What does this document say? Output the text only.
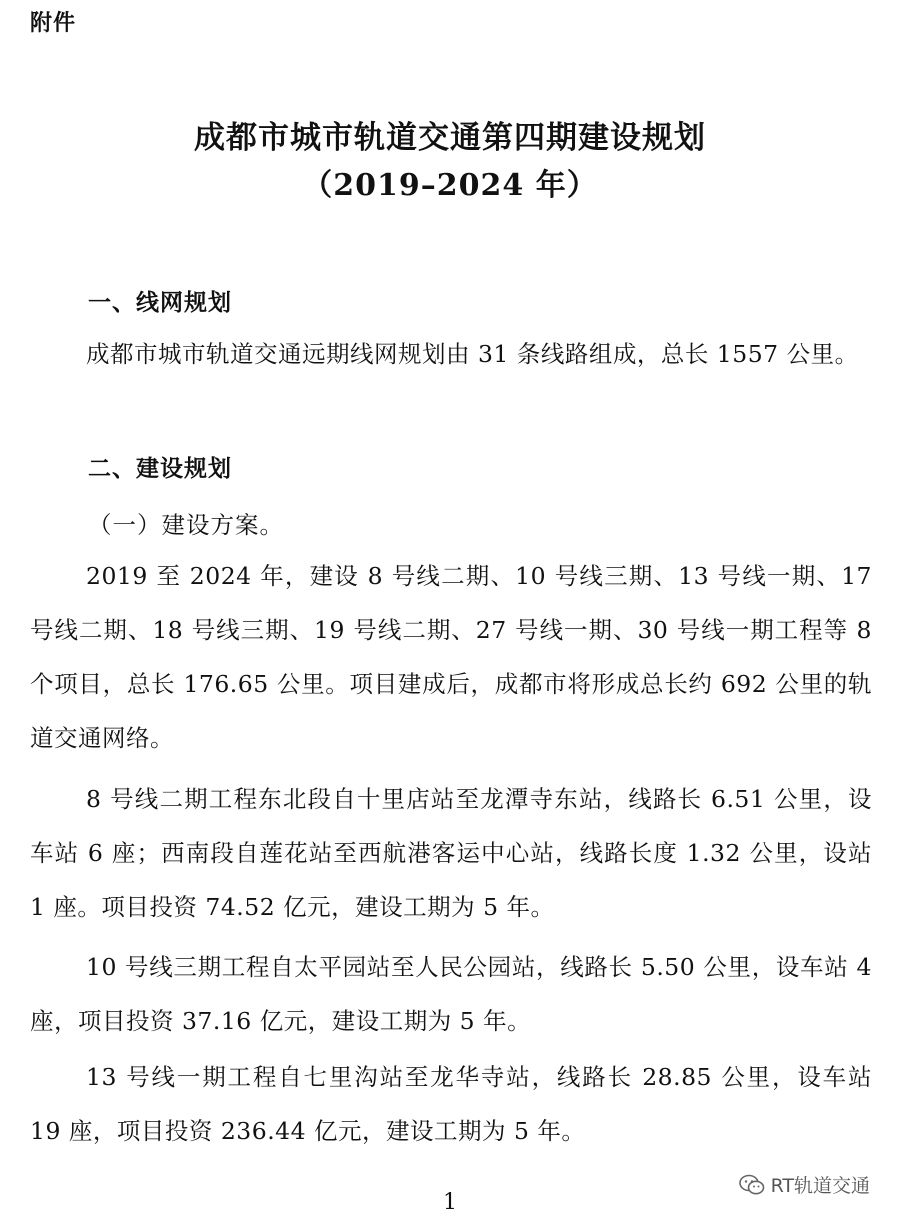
附件
成都市城市轨道交通第四期建设规划
（2019–2024 年）
一、线网规划
成都市城市轨道交通远期线网规划由 31 条线路组成，总长 1557 公里。
二、建设规划
（一）建设方案。
2019 至 2024 年，建设 8 号线二期、10 号线三期、13 号线一期、17 号线二期、18 号线三期、19 号线二期、27 号线一期、30 号线一期工程等 8 个项目，总长 176.65 公里。项目建成后，成都市将形成总长约 692 公里的轨道交通网络。
8 号线二期工程东北段自十里店站至龙潭寺东站，线路长 6.51 公里，设车站 6 座；西南段自莲花站至西航港客运中心站，线路长度 1.32 公里，设站 1 座。项目投资 74.52 亿元，建设工期为 5 年。
10 号线三期工程自太平园站至人民公园站，线路长 5.50 公里，设车站 4 座，项目投资 37.16 亿元，建设工期为 5 年。
13 号线一期工程自七里沟站至龙华寺站，线路长 28.85 公里，设车站 19 座，项目投资 236.44 亿元，建设工期为 5 年。
RT轨道交通
1
